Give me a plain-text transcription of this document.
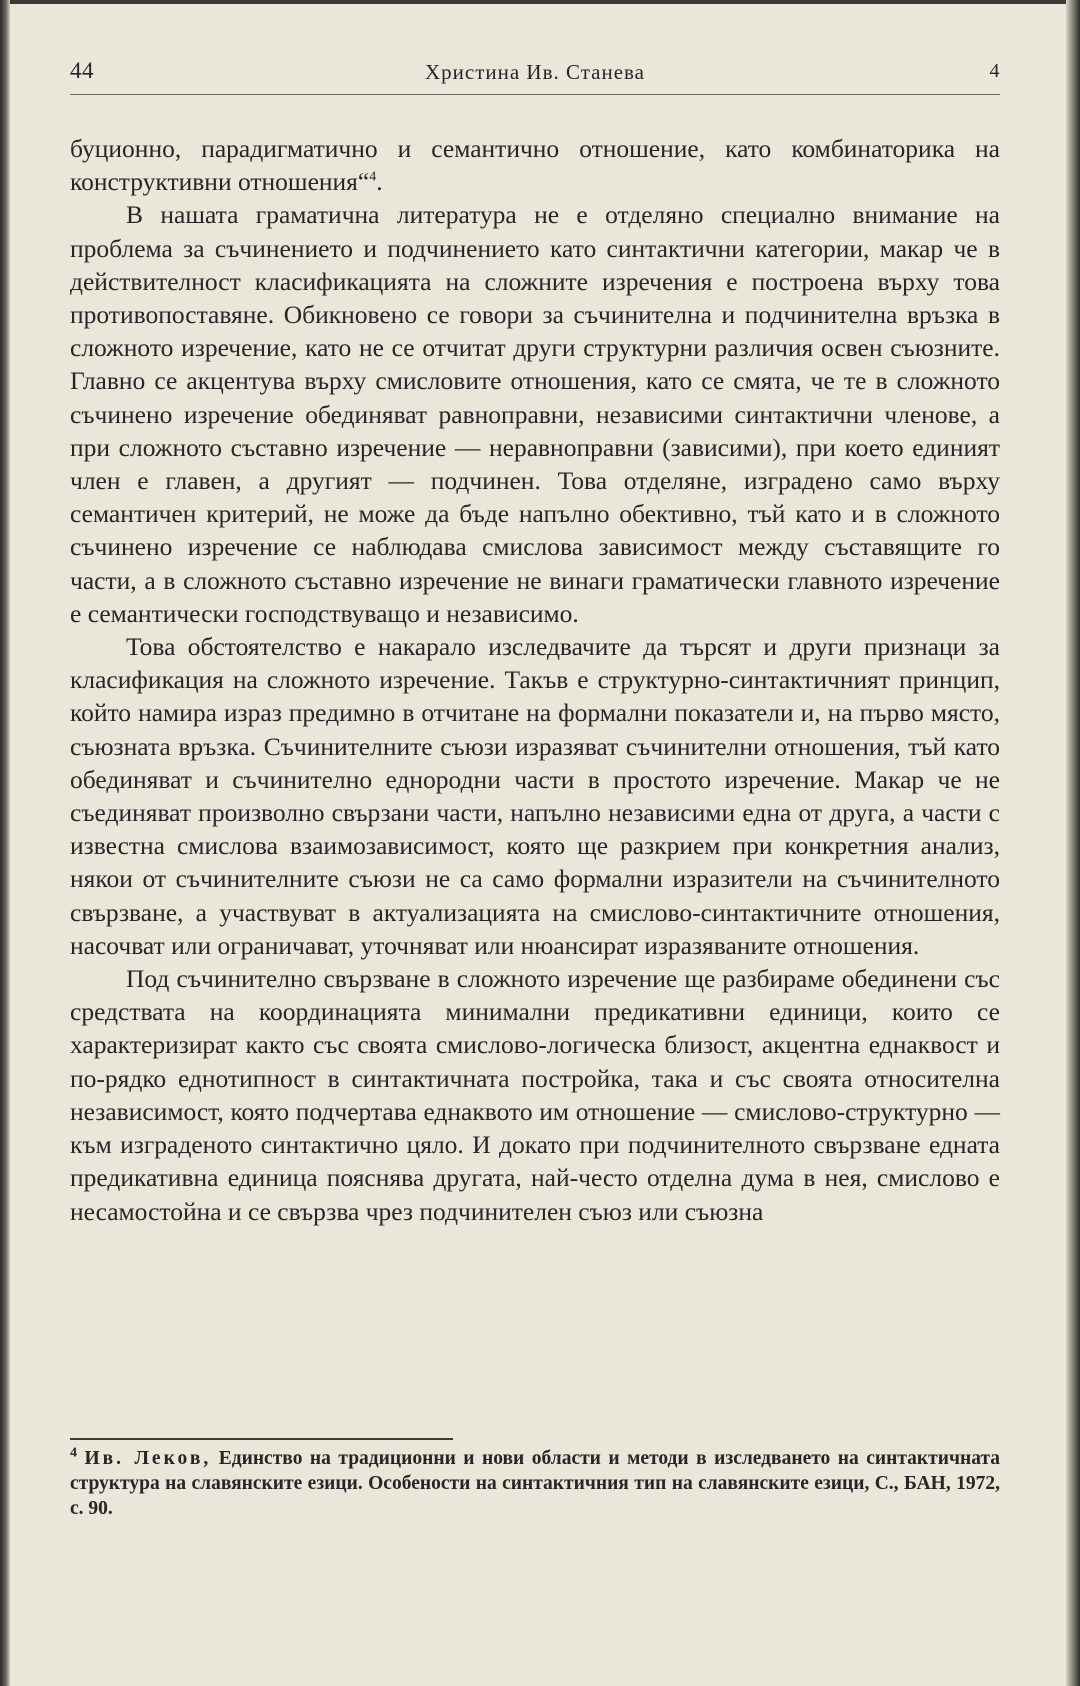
44	Христина Ив. Станева	4

буционно, парадигматично и семантично отношение, като комбинаторика на конструктивни отношения“$^4$.

В нашата граматична литература не е отделяно специално внимание на проблема за съчинението и подчинението като синтактични категории, макар че в действителност класификацията на сложните изречения е построена върху това противопоставяне. Обикновено се говори за съчинителна и подчинителна връзка в сложното изречение, като не се отчитат други структурни различия освен съюзните. Главно се акцентува върху смисловите отношения, като се смята, че те в сложното съчинено изречение обединяват равноправни, независими синтактични членове, а при сложното съставно изречение — неравноправни (зависими), при което единият член е главен, а другият — подчинен. Това отделяне, изградено само върху семантичен критерий, не може да бъде напълно обективно, тъй като и в сложното съчинено изречение се наблюдава смислова зависимост между съставящите го части, а в сложното съставно изречение не винаги граматически главното изречение е семантически господствуващо и независимо.

Това обстоятелство е накарало изследвачите да търсят и други признаци за класификация на сложното изречение. Такъв е структурно-синтактичният принцип, който намира израз предимно в отчитане на формални показатели и, на първо място, съюзната връзка. Съчинителните съюзи изразяват съчинителни отношения, тъй като обединяват и съчинително еднородни части в простото изречение. Макар че не съединяват произволно свързани части, напълно независими една от друга, а части с известна смислова взаимозависимост, която ще разкрием при конкретния анализ, някои от съчинителните съюзи не са само формални изразители на съчинителното свързване, а участвуват в актуализацията на смислово-синтактичните отношения, насочват или ограничават, уточняват или нюансират изразяваните отношения.

Под съчинително свързване в сложното изречение ще разбираме обединени със средствата на координацията минимални предикативни единици, които се характеризират както със своята смислово-логическа близост, акцентна еднаквост и по-рядко еднотипност в синтактичната постройка, така и със своята относителна независимост, която подчертава еднаквото им отношение — смислово-структурно — към изграденото синтактично цяло. И докато при подчинителното свързване едната предикативна единица пояснява другата, най-често отделна дума в нея, смислово е несамостойна и се свързва чрез подчинителен съюз или съюзна

$^4$ Ив. Леков, Единство на традиционни и нови области и методи в изследването на синтактичната структура на славянските езици. Особености на синтактичния тип на славянските езици, С., БАН, 1972, с. 90.
